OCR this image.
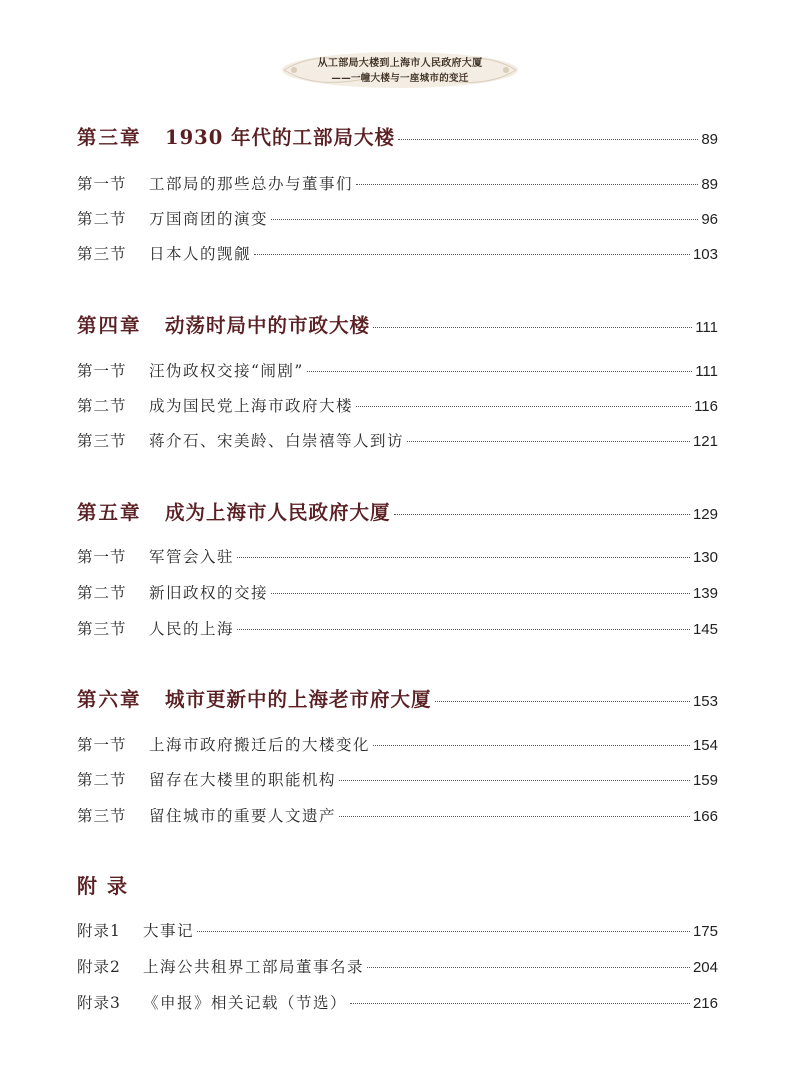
从工部局大楼到上海市人民政府大厦
——一幢大楼与一座城市的变迁
第三章	1930 年代的工部局大楼	89
第一节	工部局的那些总办与董事们	89
第二节	万国商团的演变	96
第三节	日本人的觊觎	103
第四章	动荡时局中的市政大楼	111
第一节	汪伪政权交接“闹剧”	111
第二节	成为国民党上海市政府大楼	116
第三节	蒋介石、宋美龄、白崇禧等人到访	121
第五章	成为上海市人民政府大厦	129
第一节	军管会入驻	130
第二节	新旧政权的交接	139
第三节	人民的上海	145
第六章	城市更新中的上海老市府大厦	153
第一节	上海市政府搬迁后的大楼变化	154
第二节	留存在大楼里的职能机构	159
第三节	留住城市的重要人文遗产	166
附录
附录1	大事记	175
附录2	上海公共租界工部局董事名录	204
附录3	《申报》相关记载（节选）	216
